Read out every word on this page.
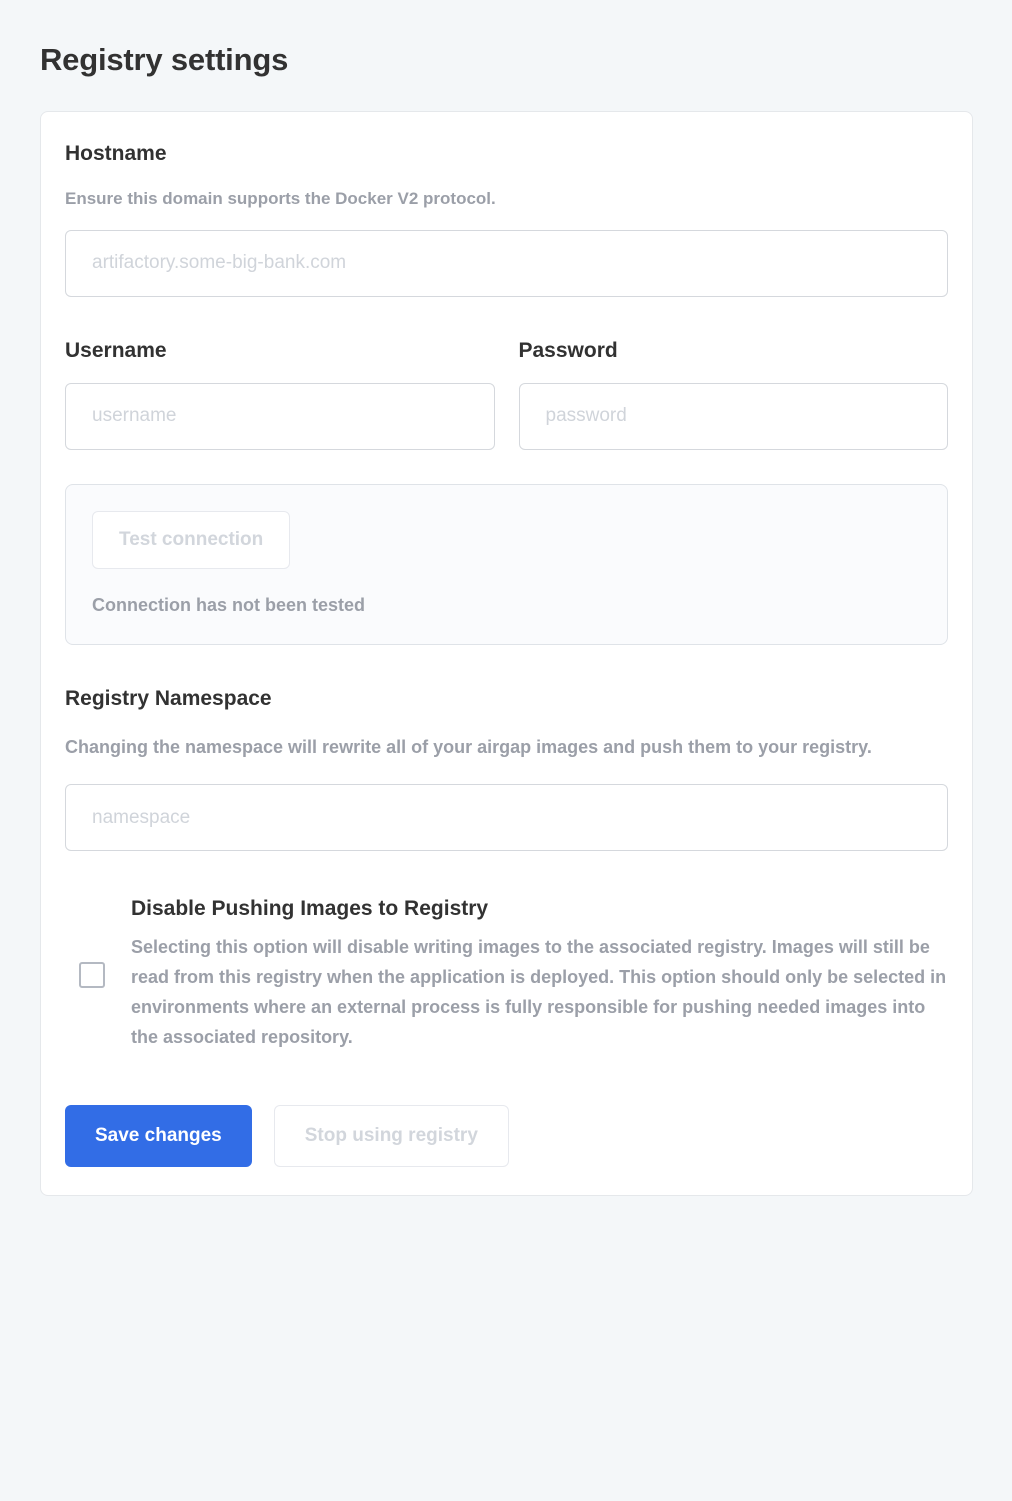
Registry settings
Hostname
Ensure this domain supports the Docker V2 protocol.
artifactory.some-big-bank.com
Username
username	Password
Test connection
Connection has not been tested
Registry Namespace
Changing the namespace will rewrite all of your airgap images and push them to your registry.
namespace
Disable Pushing Images to Registry
Selecting this option will disable writing images to the associated registry. Images will still be read from this registry when the application is deployed. This option should only be selected in environments where an external process is fully responsible for pushing needed images into the associated repository.
Save changes	Stop using registry
